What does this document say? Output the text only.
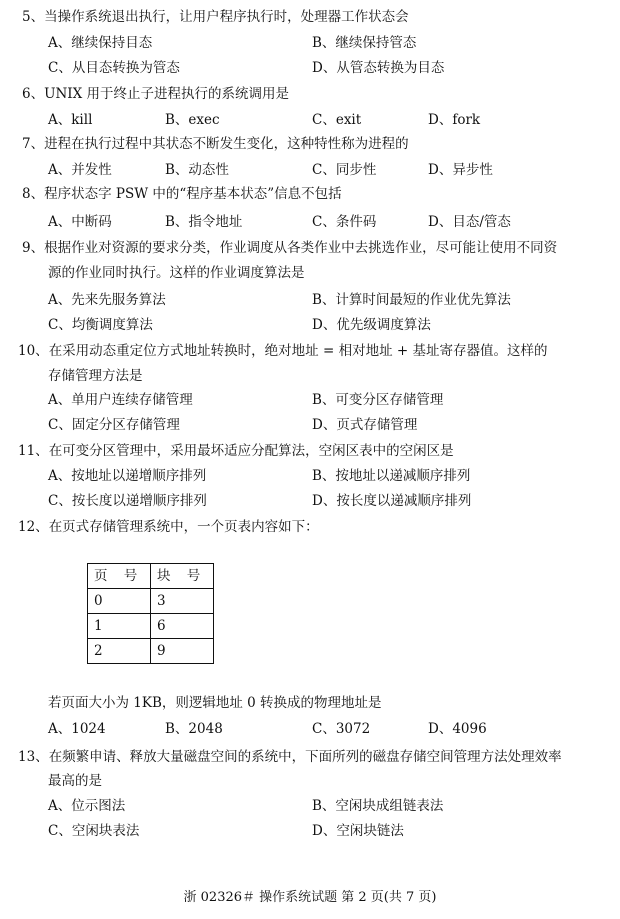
5、当操作系统退出执行，让用户程序执行时，处理器工作状态会
A、继续保持目态	B、继续保持管态
C、从目态转换为管态	D、从管态转换为目态
6、UNIX 用于终止子进程执行的系统调用是
A、kill	B、exec	C、exit	D、fork
7、进程在执行过程中其状态不断发生变化，这种特性称为进程的
A、并发性	B、动态性	C、同步性	D、异步性
8、程序状态字 PSW 中的“程序基本状态”信息不包括
A、中断码	B、指令地址	C、条件码	D、目态/管态
9、根据作业对资源的要求分类，作业调度从各类作业中去挑选作业，尽可能让使用不同资
源的作业同时执行。这样的作业调度算法是
A、先来先服务算法	B、计算时间最短的作业优先算法
C、均衡调度算法	D、优先级调度算法
10、在采用动态重定位方式地址转换时，绝对地址 = 相对地址 + 基址寄存器值。这样的
存储管理方法是
A、单用户连续存储管理	B、可变分区存储管理
C、固定分区存储管理	D、页式存储管理
11、在可变分区管理中，采用最坏适应分配算法，空闲区表中的空闲区是
A、按地址以递增顺序排列	B、按地址以递减顺序排列
C、按长度以递增顺序排列	D、按长度以递减顺序排列
12、在页式存储管理系统中，一个页表内容如下：
页 号	块 号
0	3
1	6
2	9
若页面大小为 1KB，则逻辑地址 0 转换成的物理地址是
A、1024	B、2048	C、3072	D、4096
13、在频繁申请、释放大量磁盘空间的系统中，下面所列的磁盘存储空间管理方法处理效率
最高的是
A、位示图法	B、空闲块成组链表法
C、空闲块表法	D、空闲块链法
浙 02326＃ 操作系统试题 第 2 页(共 7 页)
